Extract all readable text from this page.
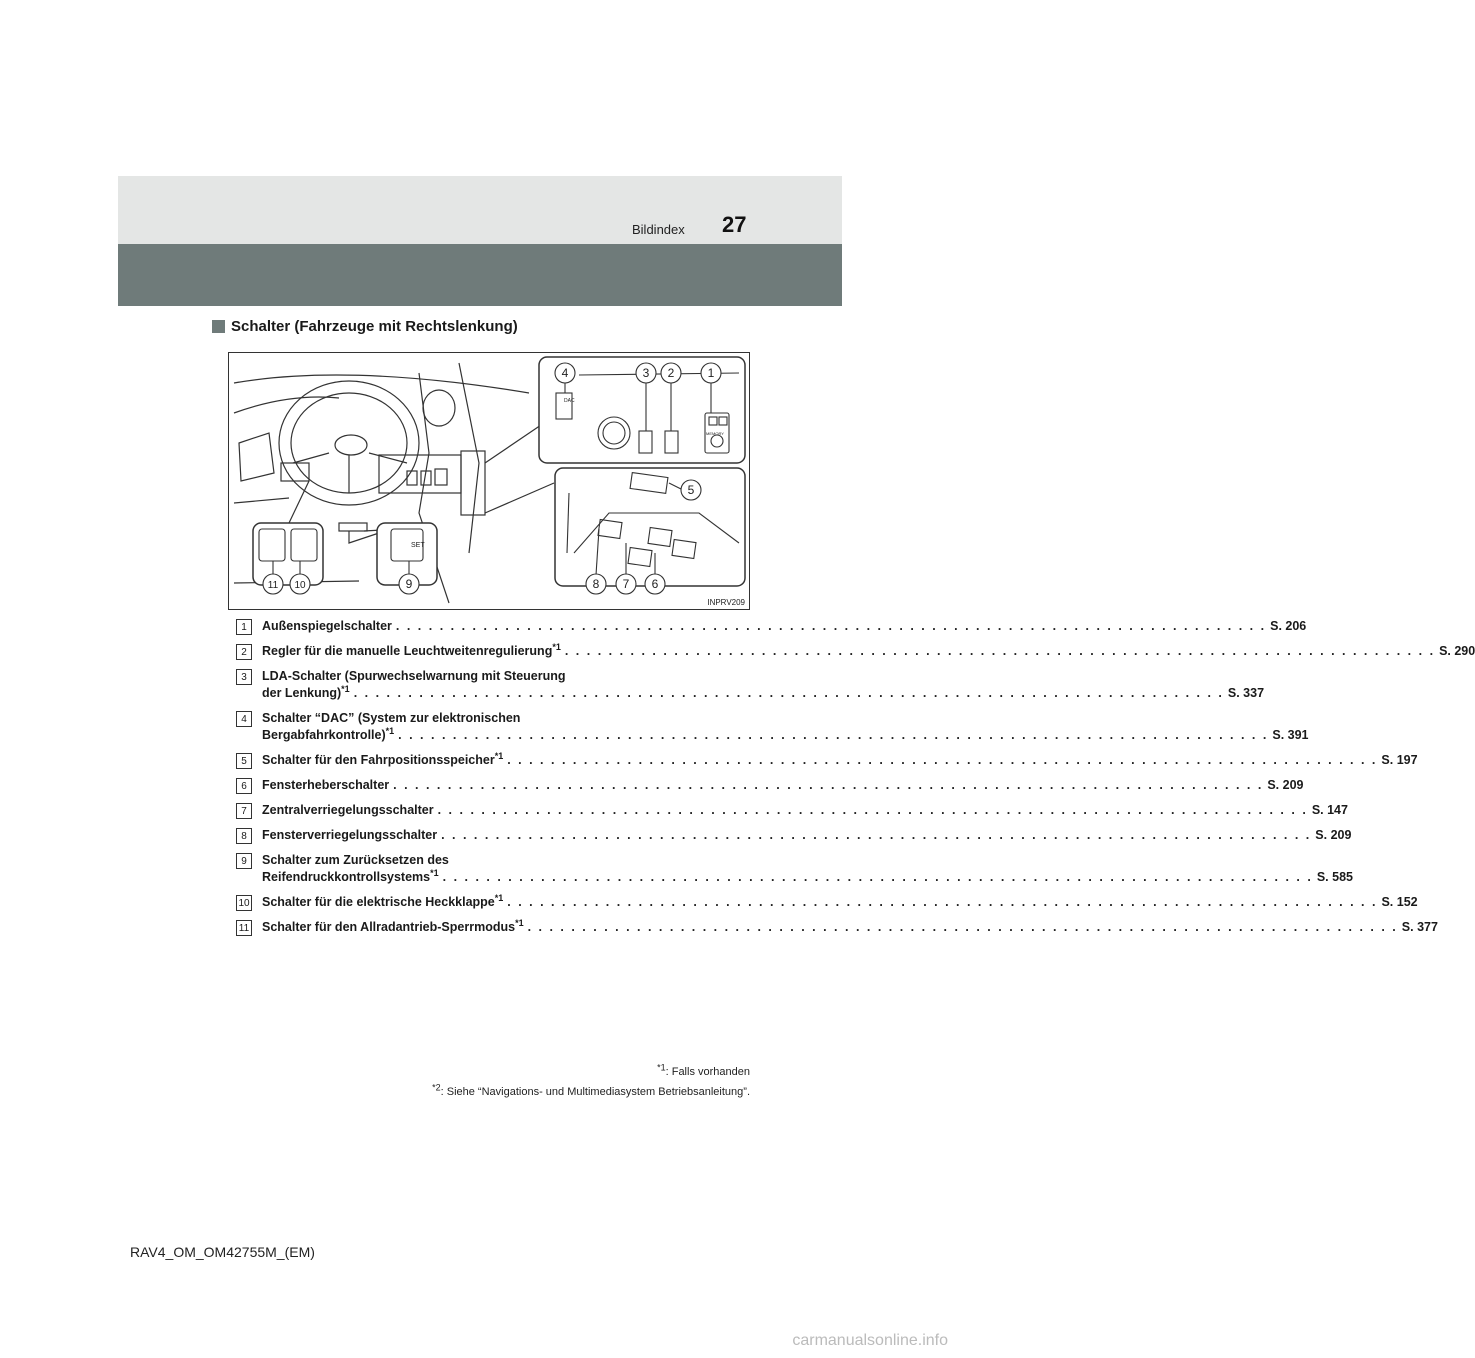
Bildindex 27
Schalter (Fahrzeuge mit Rechtslenkung)
DAC
SET
MEMORY
1
2
3
4
5
6
7
8
9
10
11
INPRV209
1	Außenspiegelschalter . . . . . . . . . . . . . . . . . . . . . . . . . . . . . . . . . . . . . . . . . . . . . . . . . . . . . . . . . . . . . . . . . . . . . . . . . . . . . . . . S. 206
2	Regler für die manuelle Leuchtweitenregulierung$^{*1}$ . . . . . . . . . . . . . . . . . . . . . . . . . . . . . . . . . . . . . . . . . . . . . . . . . . . . . . . . . . . . . . . . . . . . . . . . . . . . . . . . S. 290
3	LDA-Schalter (Spurwechselwarnung mit Steuerung
der Lenkung)$^{*1}$ . . . . . . . . . . . . . . . . . . . . . . . . . . . . . . . . . . . . . . . . . . . . . . . . . . . . . . . . . . . . . . . . . . . . . . . . . . . . . . . . S. 337
4	Schalter “DAC” (System zur elektronischen
Bergabfahrkontrolle)$^{*1}$ . . . . . . . . . . . . . . . . . . . . . . . . . . . . . . . . . . . . . . . . . . . . . . . . . . . . . . . . . . . . . . . . . . . . . . . . . . . . . . . . S. 391
5	Schalter für den Fahrpositionsspeicher$^{*1}$ . . . . . . . . . . . . . . . . . . . . . . . . . . . . . . . . . . . . . . . . . . . . . . . . . . . . . . . . . . . . . . . . . . . . . . . . . . . . . . . . S. 197
6	Fensterheberschalter . . . . . . . . . . . . . . . . . . . . . . . . . . . . . . . . . . . . . . . . . . . . . . . . . . . . . . . . . . . . . . . . . . . . . . . . . . . . . . . . S. 209
7	Zentralverriegelungsschalter . . . . . . . . . . . . . . . . . . . . . . . . . . . . . . . . . . . . . . . . . . . . . . . . . . . . . . . . . . . . . . . . . . . . . . . . . . . . . . . . S. 147
8	Fensterverriegelungsschalter . . . . . . . . . . . . . . . . . . . . . . . . . . . . . . . . . . . . . . . . . . . . . . . . . . . . . . . . . . . . . . . . . . . . . . . . . . . . . . . . S. 209
9	Schalter zum Zurücksetzen des
Reifendruckkontrollsystems$^{*1}$ . . . . . . . . . . . . . . . . . . . . . . . . . . . . . . . . . . . . . . . . . . . . . . . . . . . . . . . . . . . . . . . . . . . . . . . . . . . . . . . . S. 585
10 Schalter für die elektrische Heckklappe$^{*1}$ . . . . . . . . . . . . . . . . . . . . . . . . . . . . . . . . . . . . . . . . . . . . . . . . . . . . . . . . . . . . . . . . . . . . . . . . . . . . . . . . S. 152
11 Schalter für den Allradantrieb-Sperrmodus$^{*1}$ . . . . . . . . . . . . . . . . . . . . . . . . . . . . . . . . . . . . . . . . . . . . . . . . . . . . . . . . . . . . . . . . . . . . . . . . . . . . . . . . S. 377
$^{*1}$: Falls vorhanden
$^{*2}$: Siehe “Navigations- und Multimediasystem Betriebsanleitung”.
RAV4_OM_OM42755M_(EM)
carmanualsonline.info
